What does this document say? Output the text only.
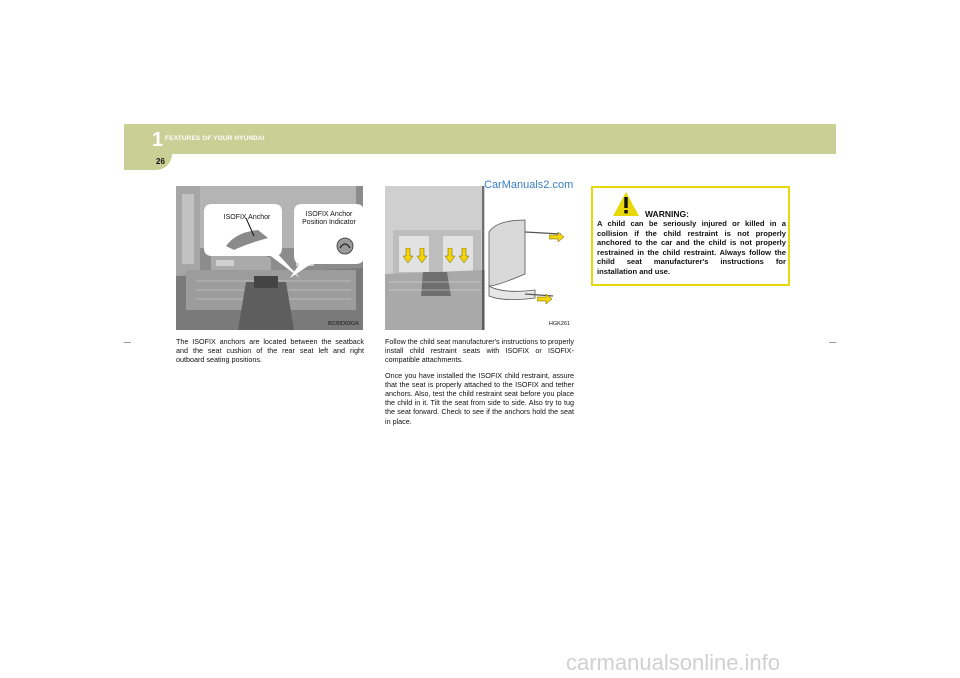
1 FEATURES OF YOUR HYUNDAI
26
ISOFIX Anchor	ISOFIX Anchor
Position Indicator
B230D02GK	HGK261
CarManuals2.com

The ISOFIX anchors are located between the seatback and the seat cushion of the rear seat left and right outboard seating positions.

Follow the child seat manufacturer's instructions to properly install child restraint seats with ISOFIX or ISOFIX-compatible attachments.

Once you have installed the ISOFIX child restraint, assure that the seat is properly attached to the ISOFIX and tether anchors. Also, test the child restraint seat before you place the child in it. Tilt the seat from side to side. Also try to tug the seat forward. Check to see if the anchors hold the seat in place.

WARNING:
A child can be seriously injured or killed in a collision if the child restraint is not properly anchored to the car and the child is not properly restrained in the child restraint. Always follow the child seat manufacturer's instructions for installation and use.
carmanualsonline.info
